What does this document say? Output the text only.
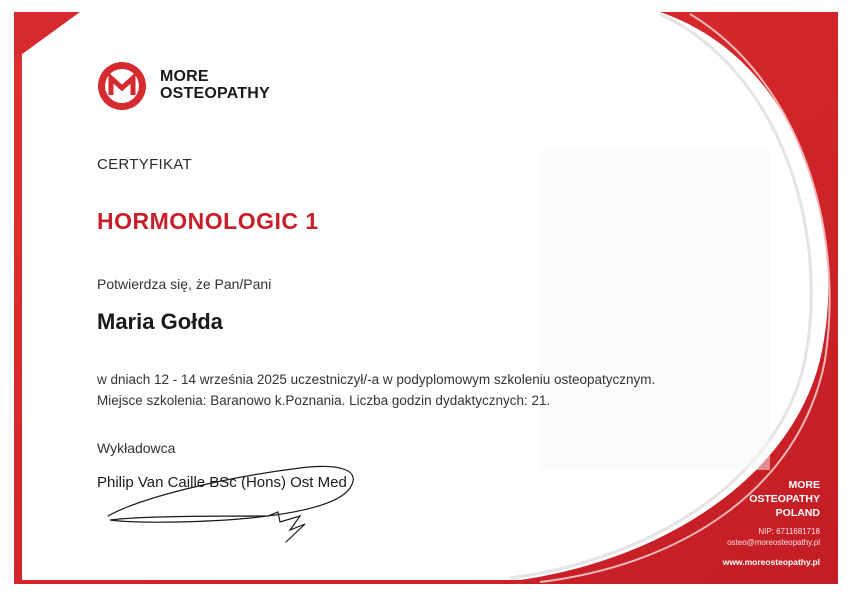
MORE
OSTEOPATHY
CERTYFIKAT
HORMONOLOGIC 1
Potwierdza się, że Pan/Pani
Maria Gołda
w dniach 12 - 14 września 2025 uczestniczył/-a w podyplomowym szkoleniu osteopatycznym.
Miejsce szkolenia: Baranowo k.Poznania. Liczba godzin dydaktycznych: 21.
Wykładowca
Philip Van Caille BSc (Hons) Ost Med	MORE
OSTEOPATHY
POLAND
NIP: 6711681718
osteo@moreosteopathy.pl
www.moreosteopathy.pl
